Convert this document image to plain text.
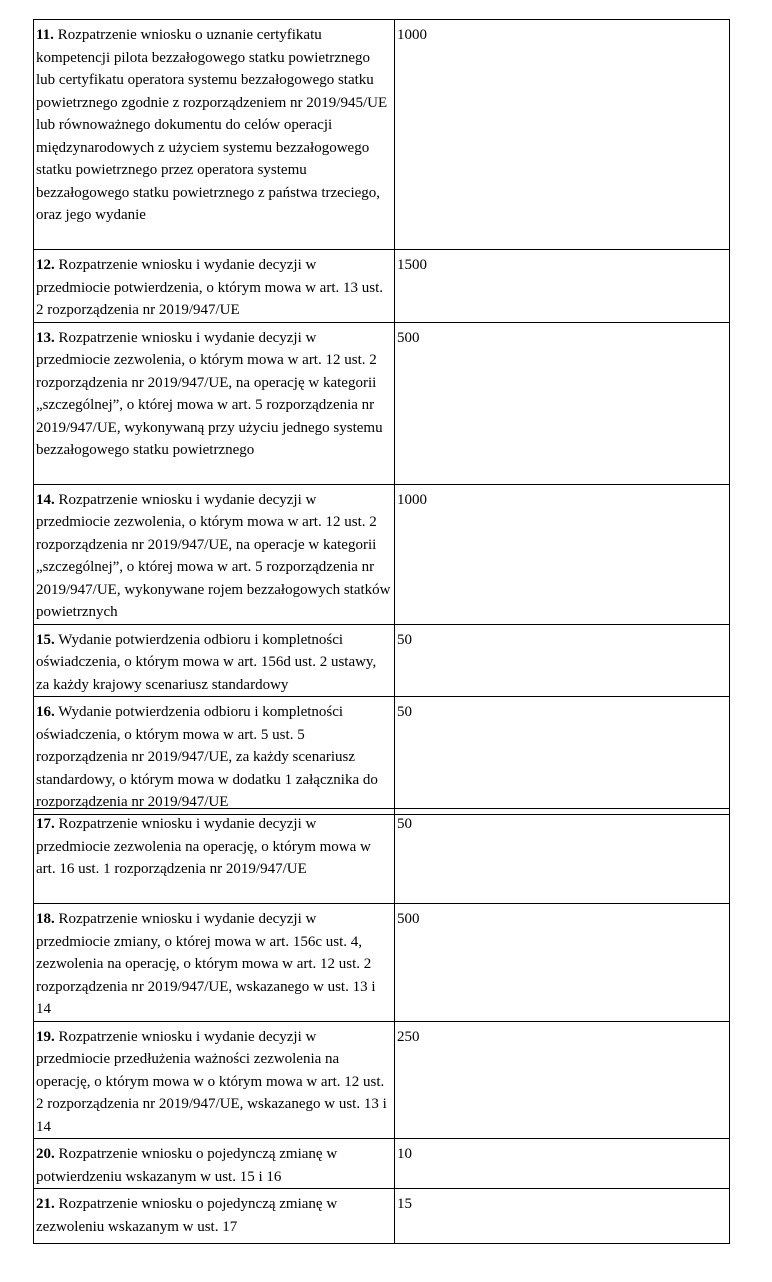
11. Rozpatrzenie wniosku o uznanie certyfikatu kompetencji pilota bezzałogowego statku powietrznego lub certyfikatu operatora systemu bezzałogowego statku powietrznego zgodnie z rozporządzeniem nr 2019/945/UE lub równoważnego dokumentu do celów operacji międzynarodowych z użyciem systemu bezzałogowego statku powietrznego przez operatora systemu bezzałogowego statku powietrznego z państwa trzeciego, oraz jego wydanie	1000
12. Rozpatrzenie wniosku i wydanie decyzji w przedmiocie potwierdzenia, o którym mowa w art. 13 ust. 2 rozporządzenia nr 2019/947/UE	1500
13. Rozpatrzenie wniosku i wydanie decyzji w przedmiocie zezwolenia, o którym mowa w art. 12 ust. 2 rozporządzenia nr 2019/947/UE, na operację w kategorii „szczególnej”, o której mowa w art. 5 rozporządzenia nr 2019/947/UE, wykonywaną przy użyciu jednego systemu bezzałogowego statku powietrznego	500
14. Rozpatrzenie wniosku i wydanie decyzji w przedmiocie zezwolenia, o którym mowa w art. 12 ust. 2 rozporządzenia nr 2019/947/UE, na operacje w kategorii „szczególnej”, o której mowa w art. 5 rozporządzenia nr 2019/947/UE, wykonywane rojem bezzałogowych statków powietrznych	1000
15. Wydanie potwierdzenia odbioru i kompletności oświadczenia, o którym mowa w art. 156d ust. 2 ustawy, za każdy krajowy scenariusz standardowy	50
16. Wydanie potwierdzenia odbioru i kompletności oświadczenia, o którym mowa w art. 5 ust. 5 rozporządzenia nr 2019/947/UE, za każdy scenariusz standardowy, o którym mowa w dodatku 1 załącznika do rozporządzenia nr 2019/947/UE	50
17. Rozpatrzenie wniosku i wydanie decyzji w przedmiocie zezwolenia na operację, o którym mowa w art. 16 ust. 1 rozporządzenia nr 2019/947/UE	50
18. Rozpatrzenie wniosku i wydanie decyzji w przedmiocie zmiany, o której mowa w art. 156c ust. 4, zezwolenia na operację, o którym mowa w art. 12 ust. 2 rozporządzenia nr 2019/947/UE, wskazanego w ust. 13 i 14	500
19. Rozpatrzenie wniosku i wydanie decyzji w przedmiocie przedłużenia ważności zezwolenia na operację, o którym mowa w o którym mowa w art. 12 ust. 2 rozporządzenia nr 2019/947/UE, wskazanego w ust. 13 i 14	250
20. Rozpatrzenie wniosku o pojedynczą zmianę w potwierdzeniu wskazanym w ust. 15 i 16	10
21. Rozpatrzenie wniosku o pojedynczą zmianę w zezwoleniu wskazanym w ust. 17	15
